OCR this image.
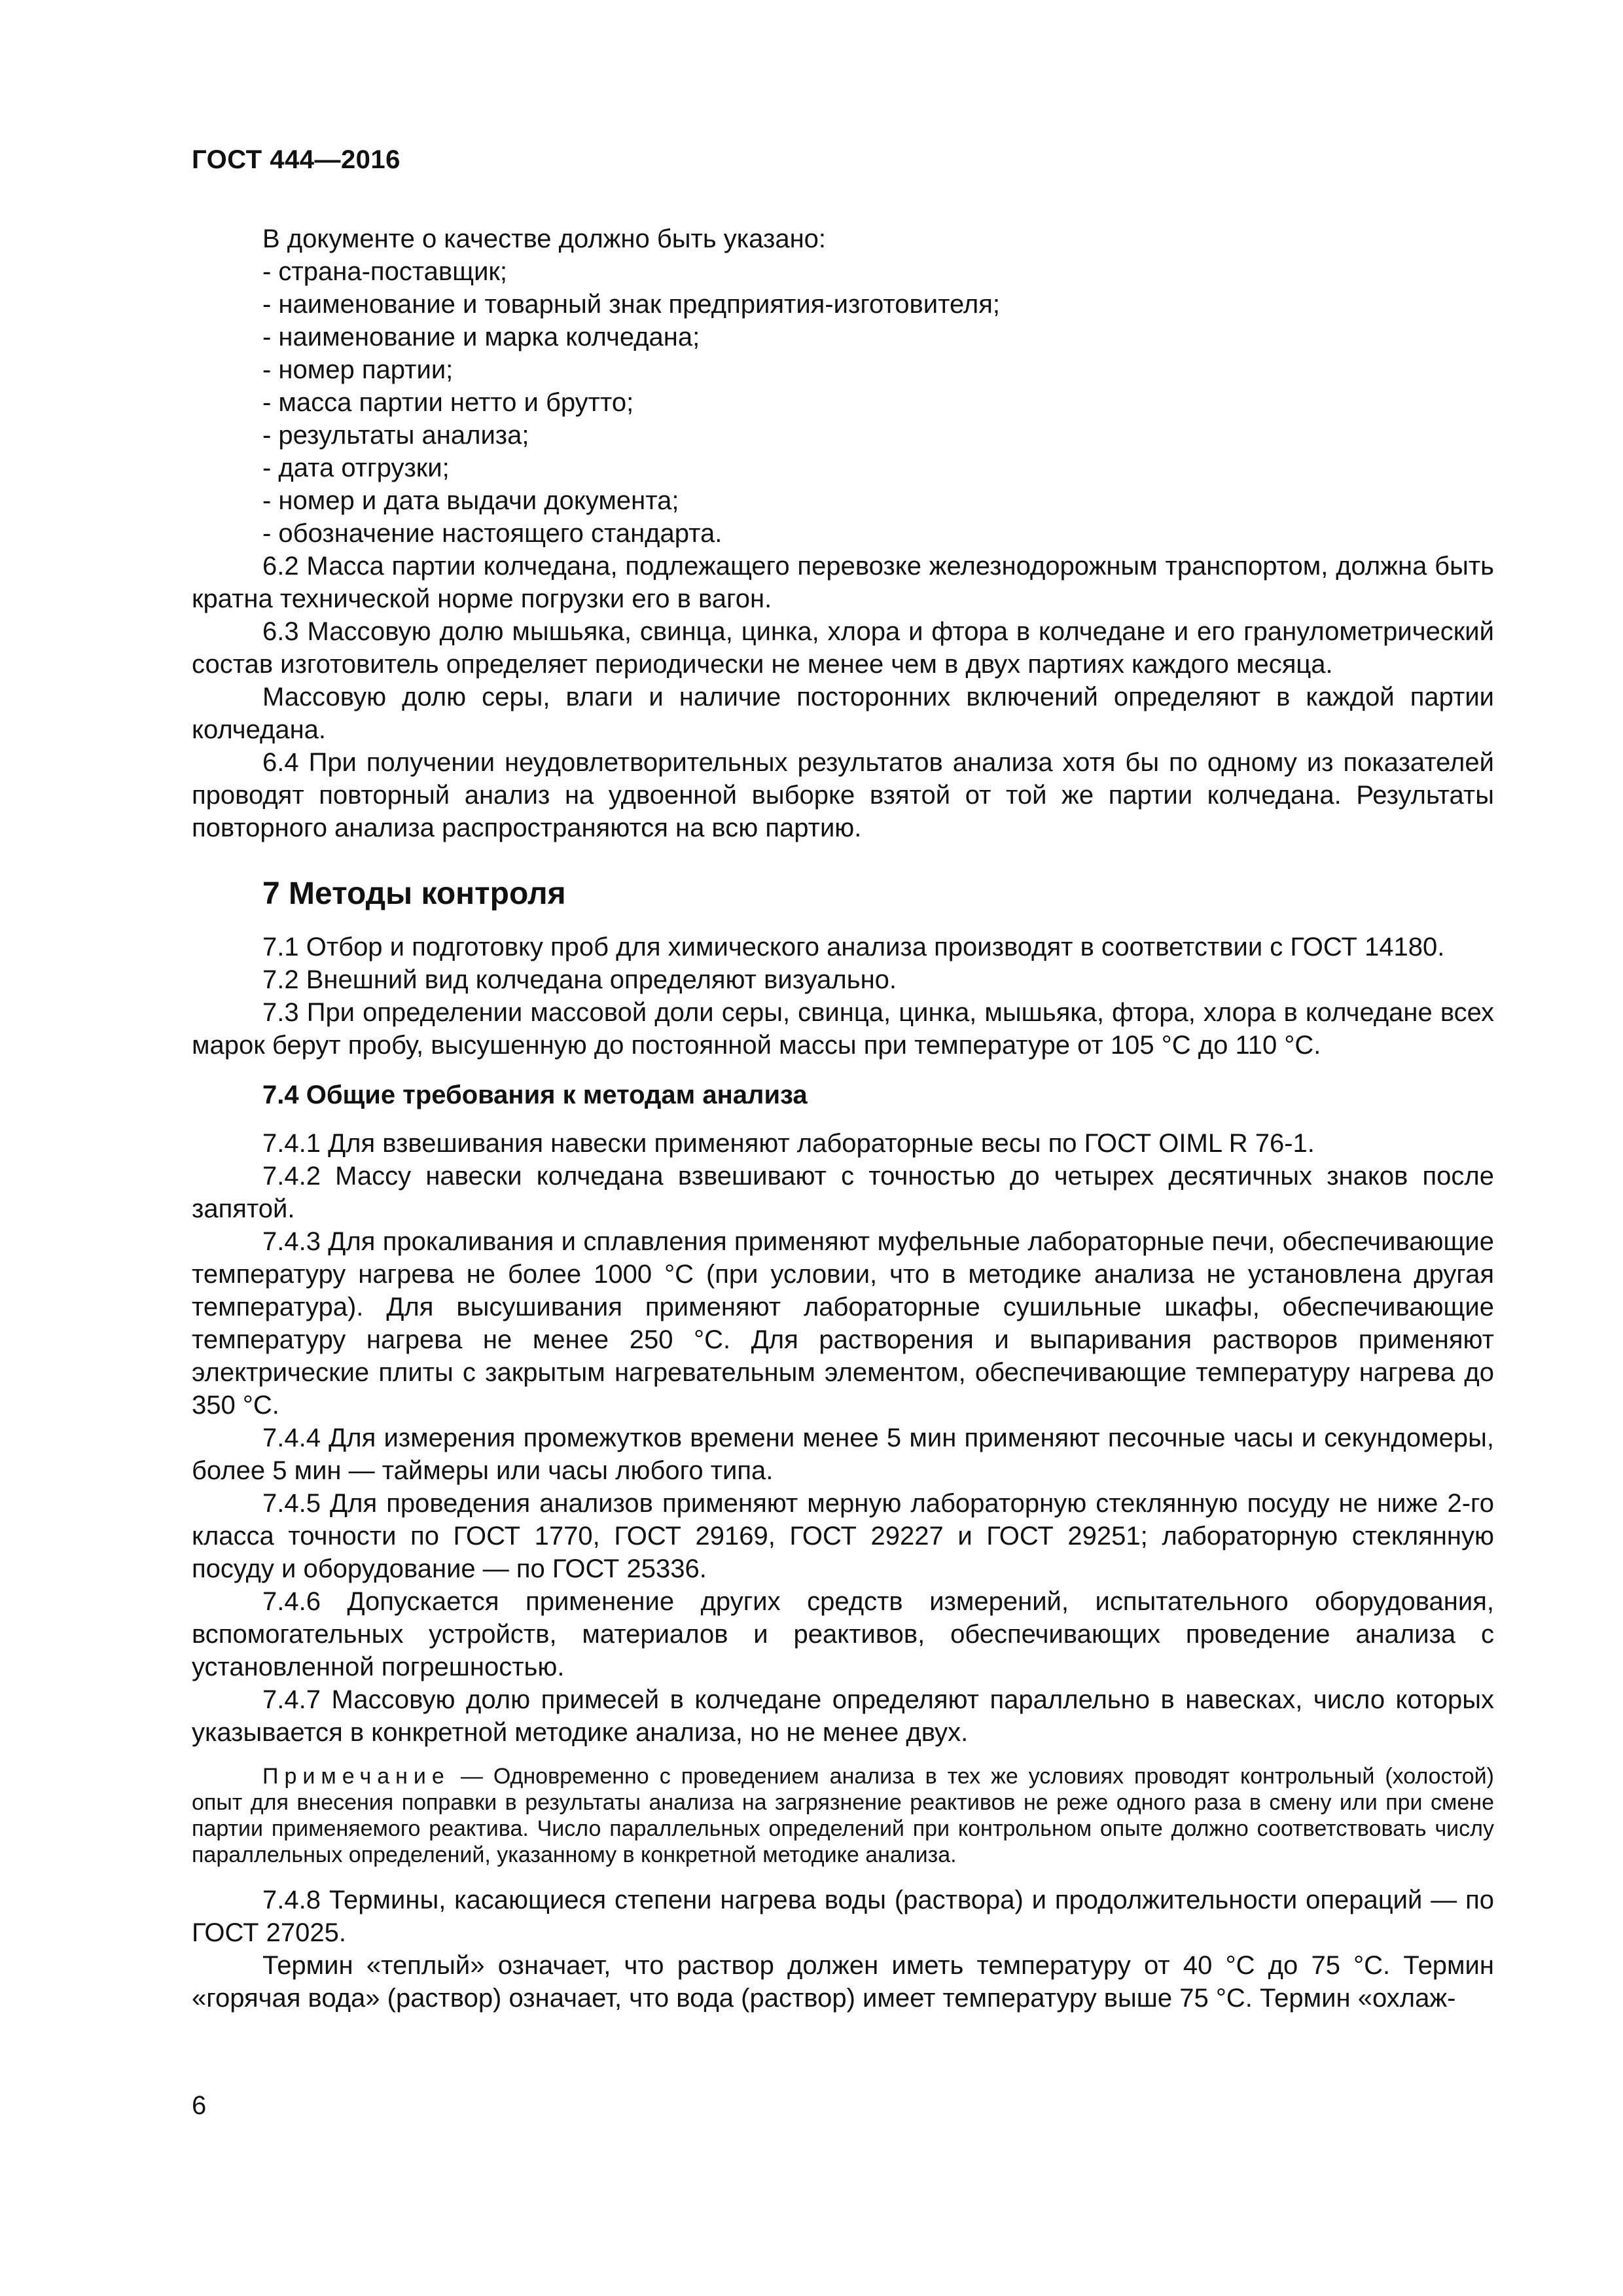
ГОСТ 444—2016

В документе о качестве должно быть указано:

- страна-поставщик;

- наименование и товарный знак предприятия-изготовителя;

- наименование и марка колчедана;

- номер партии;

- масса партии нетто и брутто;

- результаты анализа;

- дата отгрузки;

- номер и дата выдачи документа;

- обозначение настоящего стандарта.

6.2 Масса партии колчедана, подлежащего перевозке железнодорожным транспортом, должна быть кратна технической норме погрузки его в вагон.

6.3 Массовую долю мышьяка, свинца, цинка, хлора и фтора в колчедане и его гранулометрический состав изготовитель определяет периодически не менее чем в двух партиях каждого месяца.

Массовую долю серы, влаги и наличие посторонних включений определяют в каждой партии колчедана.

6.4 При получении неудовлетворительных результатов анализа хотя бы по одному из показателей проводят повторный анализ на удвоенной выборке взятой от той же партии колчедана. Результаты повторного анализа распространяются на всю партию.

7 Методы контроля

7.1 Отбор и подготовку проб для химического анализа производят в соответствии с ГОСТ 14180.

7.2 Внешний вид колчедана определяют визуально.

7.3 При определении массовой доли серы, свинца, цинка, мышьяка, фтора, хлора в колчедане всех марок берут пробу, высушенную до постоянной массы при температуре от 105 °С до 110 °С.

7.4 Общие требования к методам анализа

7.4.1 Для взвешивания навески применяют лабораторные весы по ГОСТ OIML R 76-1.

7.4.2 Массу навески колчедана взвешивают с точностью до четырех десятичных знаков после запятой.

7.4.3 Для прокаливания и сплавления применяют муфельные лабораторные печи, обеспечивающие температуру нагрева не более 1000 °С (при условии, что в методике анализа не установлена другая температура). Для высушивания применяют лабораторные сушильные шкафы, обеспечивающие температуру нагрева не менее 250 °С. Для растворения и выпаривания растворов применяют электрические плиты с закрытым нагревательным элементом, обеспечивающие температуру нагрева до 350 °С.

7.4.4 Для измерения промежутков времени менее 5 мин применяют песочные часы и секундомеры, более 5 мин — таймеры или часы любого типа.

7.4.5 Для проведения анализов применяют мерную лабораторную стеклянную посуду не ниже 2-го класса точности по ГОСТ 1770, ГОСТ 29169, ГОСТ 29227 и ГОСТ 29251; лабораторную стеклянную посуду и оборудование — по ГОСТ 25336.

7.4.6 Допускается применение других средств измерений, испытательного оборудования, вспомогательных устройств, материалов и реактивов, обеспечивающих проведение анализа с установленной погрешностью.

7.4.7 Массовую долю примесей в колчедане определяют параллельно в навесках, число которых указывается в конкретной методике анализа, но не менее двух.

Примечание — Одновременно с проведением анализа в тех же условиях проводят контрольный (холостой) опыт для внесения поправки в результаты анализа на загрязнение реактивов не реже одного раза в смену или при смене партии применяемого реактива. Число параллельных определений при контрольном опыте должно соответствовать числу параллельных определений, указанному в конкретной методике анализа.

7.4.8 Термины, касающиеся степени нагрева воды (раствора) и продолжительности операций — по ГОСТ 27025.

Термин «теплый» означает, что раствор должен иметь температуру от 40 °С до 75 °С. Термин «горячая вода» (раствор) означает, что вода (раствор) имеет температуру выше 75 °С. Термин «охлаж-

6
